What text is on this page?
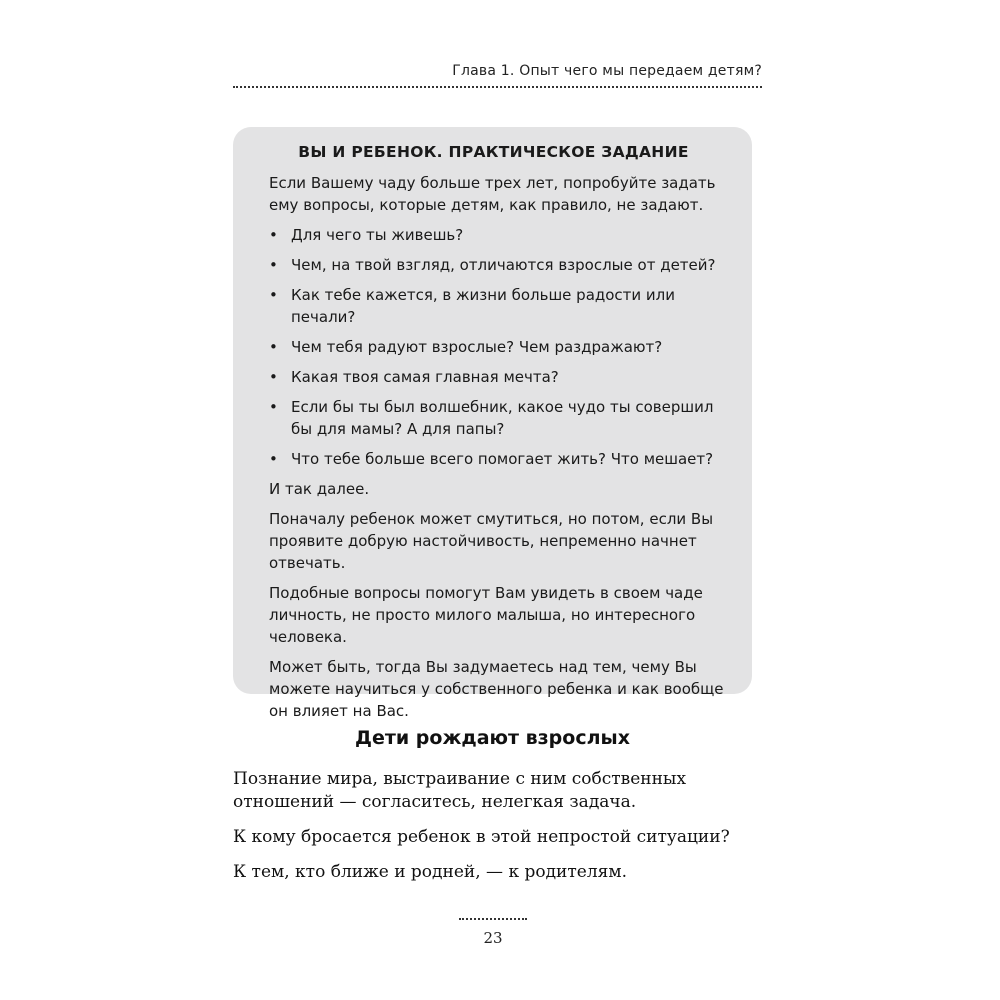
Глава 1. Опыт чего мы передаем детям?
ВЫ И РЕБЕНОК. ПРАКТИЧЕСКОЕ ЗАДАНИЕ

Если Вашему чаду больше трех лет, попробуйте задать ему вопросы, которые детям, как правило, не задают.

• Для чего ты живешь?
• Чем, на твой взгляд, отличаются взрослые от детей?
• Как тебе кажется, в жизни больше радости или печали?
• Чем тебя радуют взрослые? Чем раздражают?
• Какая твоя самая главная мечта?
• Если бы ты был волшебник, какое чудо ты совершил бы для мамы? А для папы?
• Что тебе больше всего помогает жить? Что мешает?

И так далее.

Поначалу ребенок может смутиться, но потом, если Вы проявите добрую настойчивость, непременно начнет отвечать.

Подобные вопросы помогут Вам увидеть в своем чаде личность, не просто милого малыша, но интересного человека.

Может быть, тогда Вы задумаетесь над тем, чему Вы можете научиться у собственного ребенка и как вообще он влияет на Вас.

Дети рождают взрослых

Познание мира, выстраивание с ним собственных отношений — согласитесь, нелегкая задача.

К кому бросается ребенок в этой непростой ситуации?

К тем, кто ближе и родней, — к родителям.

23
